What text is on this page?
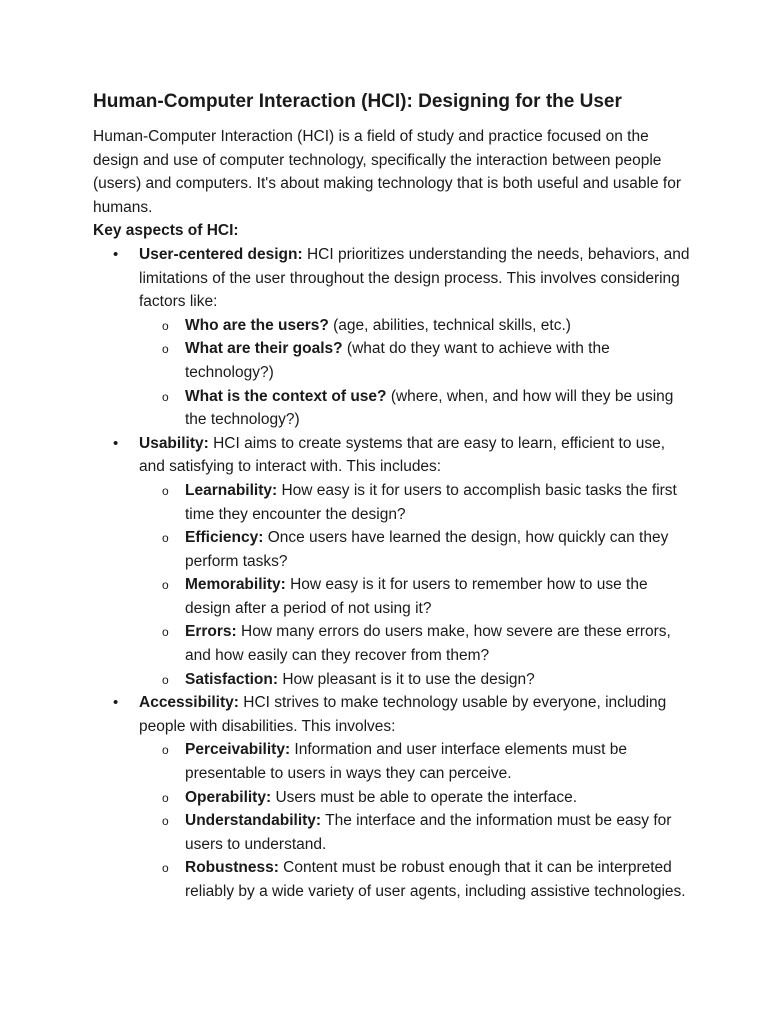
Human-Computer Interaction (HCI): Designing for the User

Human-Computer Interaction (HCI) is a field of study and practice focused on the design and use of computer technology, specifically the interaction between people (users) and computers. It's about making technology that is both useful and usable for humans.

Key aspects of HCI:

• User-centered design: HCI prioritizes understanding the needs, behaviors, and limitations of the user throughout the design process. This involves considering factors like:
o Who are the users? (age, abilities, technical skills, etc.)
o What are their goals? (what do they want to achieve with the technology?)
o What is the context of use? (where, when, and how will they be using the technology?)
• Usability: HCI aims to create systems that are easy to learn, efficient to use, and satisfying to interact with. This includes:
o Learnability: How easy is it for users to accomplish basic tasks the first time they encounter the design?
o Efficiency: Once users have learned the design, how quickly can they perform tasks?
o Memorability: How easy is it for users to remember how to use the design after a period of not using it?
o Errors: How many errors do users make, how severe are these errors, and how easily can they recover from them?
o Satisfaction: How pleasant is it to use the design?
• Accessibility: HCI strives to make technology usable by everyone, including people with disabilities. This involves:
o Perceivability: Information and user interface elements must be presentable to users in ways they can perceive.
o Operability: Users must be able to operate the interface.
o Understandability: The interface and the information must be easy for users to understand.
o Robustness: Content must be robust enough that it can be interpreted reliably by a wide variety of user agents, including assistive technologies.
